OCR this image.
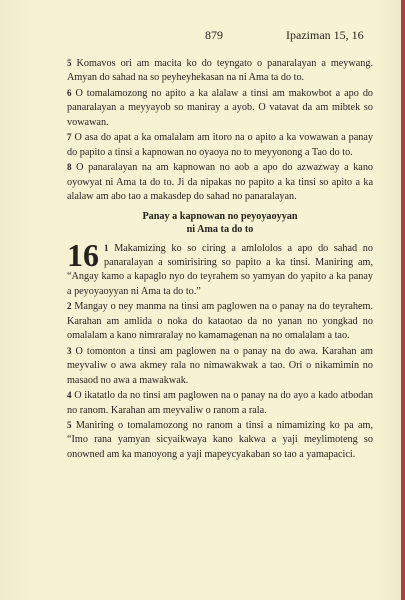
879	Ipaziman 15, 16

5 Komavos ori am macita ko do teyngato o panaralayan a meywang. Amyan do sahad na so peyheyhekasan na ni Ama ta do to.

6 O tomalamozong no apito a ka alalaw a tinsi am makowbot a apo do panaralayan a meyyayob so maniray a ayob. O vatavat da am mibtek so vowawan.

7 O asa do apat a ka omalalam am itoro na o apito a ka vowawan a panay do papito a tinsi a kapnowan no oyaoya no to meyyonong a Tao do to.

8 O panaralayan na am kapnowan no aob a apo do azwazway a kano oyowyat ni Ama ta do to. Ji da nipakas no papito a ka tinsi so apito a ka alalaw am abo tao a makasdep do sahad no panaralayan.

Panay a kapnowan no peyoyaoyyan
ni Ama ta do to

16 1 Makamizing ko so ciring a amlololos a apo do sahad no panaralayan a somirisiring so papito a ka tinsi. Maniring am, “Angay kamo a kapaglo nyo do teyrahem so yamyan do yapito a ka panay a peyoyaoyyan ni Ama ta do to.”

2 Mangay o ney manma na tinsi am paglowen na o panay na do teyrahem. Karahan am amlida o noka do kataotao da no yanan no yongkad no omalalam a kano nimraralay no kamamagenan na no omalalam a tao.

3 O tomonton a tinsi am paglowen na o panay na do awa. Karahan am meyvaliw o awa akmey rala no nimawakwak a tao. Ori o nikamimin no masaod no awa a mawakwak.

4 O ikatatlo da no tinsi am paglowen na o panay na do ayo a kado atbodan no ranom. Karahan am meyvaliw o ranom a rala.

5 Maniring o tomalamozong no ranom a tinsi a nimamizing ko pa am, “Imo rana yamyan sicyaikwaya kano kakwa a yaji meylimoteng so onowned am ka manoyong a yaji mapeycyakaban so tao a yamapacici.
